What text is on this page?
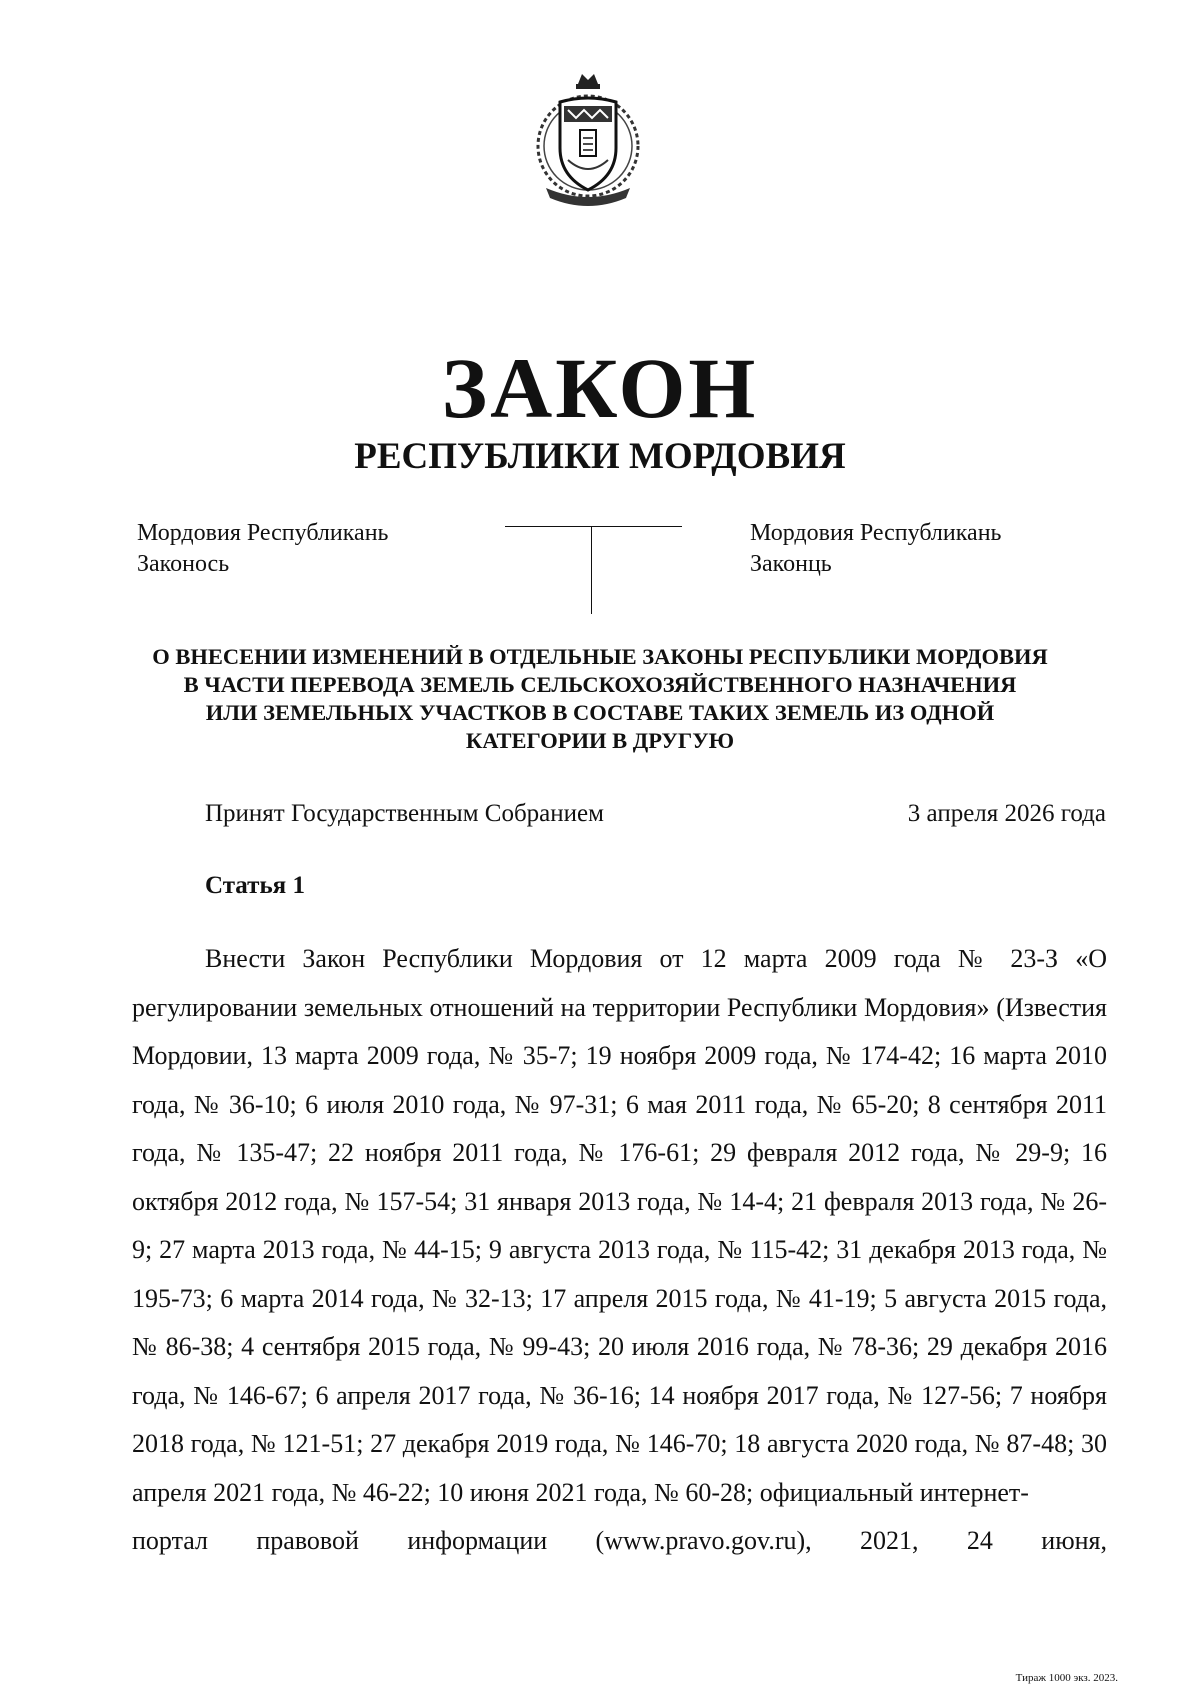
ЗАКОН
РЕСПУБЛИКИ МОРДОВИЯ
Мордовия Республикань
Законось
Мордовия Республикань
Законць
О ВНЕСЕНИИ ИЗМЕНЕНИЙ В ОТДЕЛЬНЫЕ ЗАКОНЫ РЕСПУБЛИКИ МОРДОВИЯ
В ЧАСТИ ПЕРЕВОДА ЗЕМЕЛЬ СЕЛЬСКОХОЗЯЙСТВЕННОГО НАЗНАЧЕНИЯ
ИЛИ ЗЕМЕЛЬНЫХ УЧАСТКОВ В СОСТАВЕ ТАКИХ ЗЕМЕЛЬ ИЗ ОДНОЙ
КАТЕГОРИИ В ДРУГУЮ
Принят Государственным Собранием	3 апреля 2026 года
Статья 1
Внести Закон Республики Мордовия от 12 марта 2009 года № 23-З «О регулировании земельных отношений на территории Республики Мордовия» (Известия Мордовии, 13 марта 2009 года, № 35-7; 19 ноября 2009 года, № 174-42; 16 марта 2010 года, № 36-10; 6 июля 2010 года, № 97-31; 6 мая 2011 года, № 65-20; 8 сентября 2011 года, № 135-47; 22 ноября 2011 года, № 176-61; 29 февраля 2012 года, № 29-9; 16 октября 2012 года, № 157-54; 31 января 2013 года, № 14-4; 21 февраля 2013 года, № 26-9; 27 марта 2013 года, № 44-15; 9 августа 2013 года, № 115-42; 31 декабря 2013 года, № 195-73; 6 марта 2014 года, № 32-13; 17 апреля 2015 года, № 41-19; 5 августа 2015 года, № 86-38; 4 сентября 2015 года, № 99-43; 20 июля 2016 года, № 78-36; 29 декабря 2016 года, № 146-67; 6 апреля 2017 года, № 36-16; 14 ноября 2017 года, № 127-56; 7 ноября 2018 года, № 121-51; 27 декабря 2019 года, № 146-70; 18 августа 2020 года, № 87-48; 30 апреля 2021 года, № 46-22; 10 июня 2021 года, № 60-28; официальный интернет-
портал правовой информации (www.pravo.gov.ru), 2021, 24 июня,
Тираж 1000 экз. 2023.
